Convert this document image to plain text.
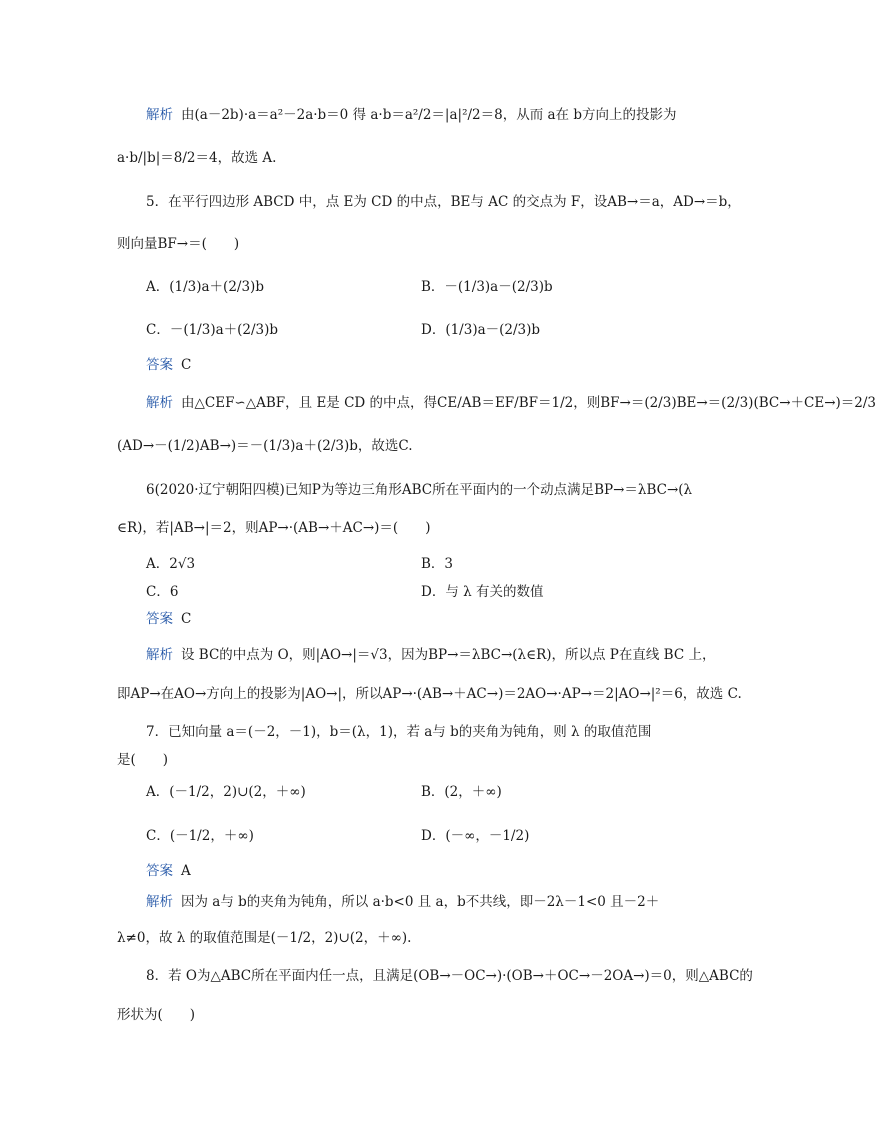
解析 由(a－2b)·a＝a²－2a·b＝0 得 a·b＝a²/2＝|a|²/2＝8，从而 a在 b方向上的投影为
a·b/|b|＝8/2＝4，故选 A.
5．在平行四边形 ABCD 中，点 E为 CD 的中点，BE与 AC 的交点为 F，设AB→＝a，AD→＝b，
则向量BF→＝(　　)
A．(1/3)a＋(2/3)b	B．－(1/3)a－(2/3)b
C．－(1/3)a＋(2/3)b	D．(1/3)a－(2/3)b
答案 C
解析 由△CEF∽△ABF，且 E是 CD 的中点，得CE/AB＝EF/BF＝1/2，则BF→＝(2/3)BE→＝(2/3)(BC→＋CE→)＝2/3
(AD→－(1/2)AB→)＝－(1/3)a＋(2/3)b，故选C.
6(2020·辽宁朝阳四模)已知P为等边三角形ABC所在平面内的一个动点满足BP→＝λBC→(λ
∈R)，若|AB→|＝2，则AP→·(AB→＋AC→)＝(　　)
A．2√3	B．3
C．6	D．与 λ 有关的数值
答案 C
解析 设 BC的中点为 O，则|AO→|＝√3，因为BP→＝λBC→(λ∈R)，所以点 P在直线 BC 上，
即AP→在AO→方向上的投影为|AO→|，所以AP→·(AB→＋AC→)＝2AO→·AP→＝2|AO→|²＝6，故选 C.
7．已知向量 a＝(－2，－1)，b＝(λ，1)，若 a与 b的夹角为钝角，则 λ 的取值范围
是(　　)
A．(－1/2，2)∪(2，＋∞)	B．(2，＋∞)
C．(－1/2，＋∞)	D．(－∞，－1/2)
答案 A
解析 因为 a与 b的夹角为钝角，所以 a·b<0 且 a，b不共线，即－2λ－1<0 且－2＋
λ≠0，故 λ 的取值范围是(－1/2，2)∪(2，＋∞).
8．若 O为△ABC所在平面内任一点，且满足(OB→－OC→)·(OB→＋OC→－2OA→)＝0，则△ABC的
形状为(　　)
